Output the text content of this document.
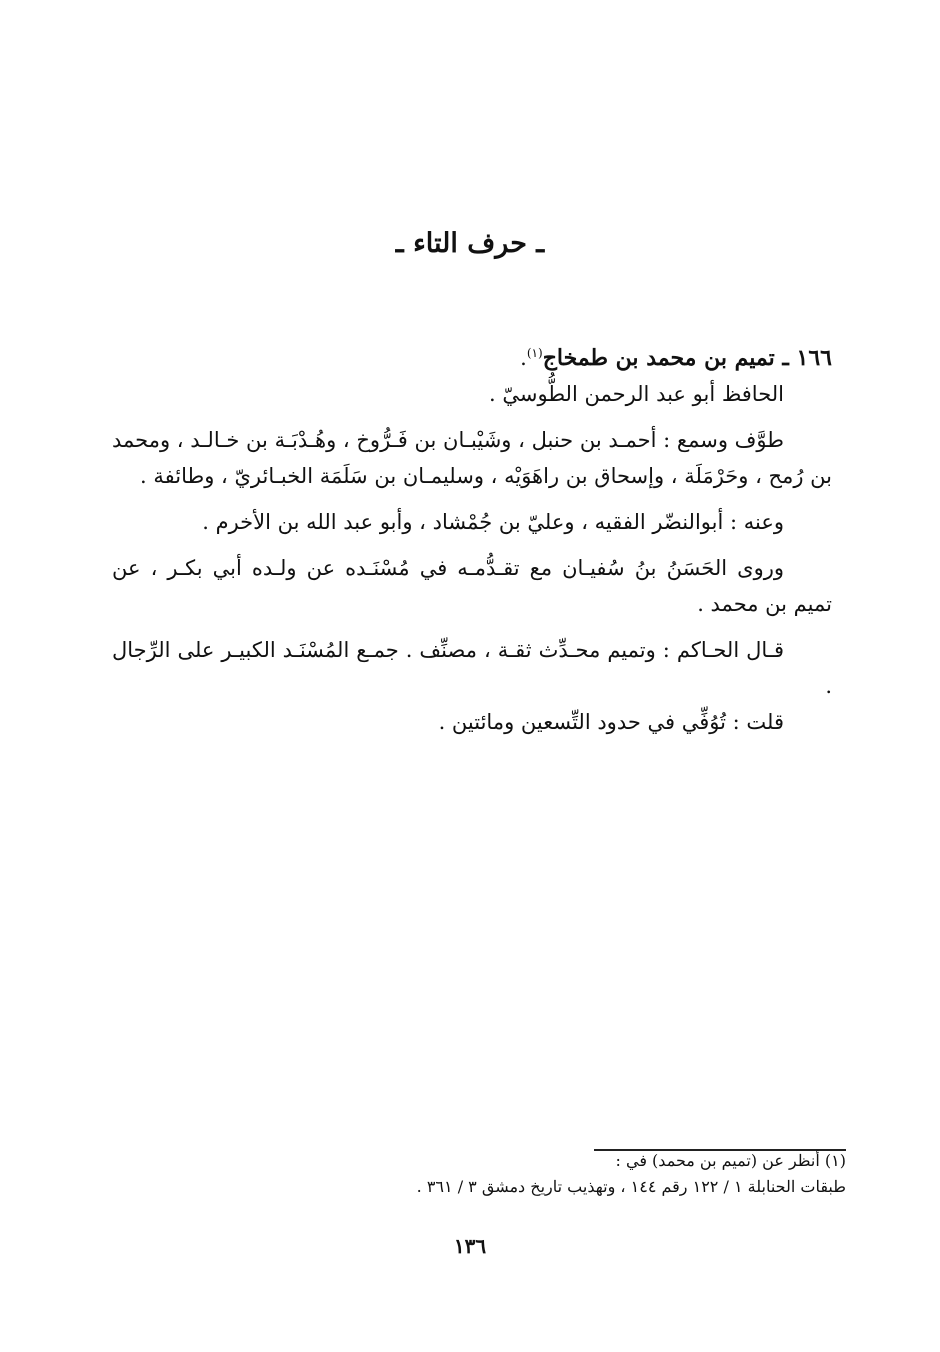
ـ حرف التاء ـ

١٦٦ ـ تميم بن محمد بن طمخاج$^{(١)}$.

الحافظ أبو عبد الرحمن الطُّوسيّ .

طوَّف وسمع : أحمـد بن حنبل ، وشَيْبـان بن فَـرُّوخ ، وهُـدْبَـة بن خـالـد ، ومحمد بن رُمح ، وحَرْمَلَة ، وإسحاق بن راهَوَيْه ، وسليمـان بن سَلَمَة الخبـائريّ ، وطائفة .

وعنه : أبوالنضّر الفقيه ، وعليّ بن جُمْشاد ، وأبو عبد الله بن الأخرم .

وروى الحَسَنُ بنُ سُفيـان مع تقـدُّمـه في مُسْنَـده عن ولـده أبي بكـر ، عن تميم بن محمد .

قـال الحـاكم : وتميم محـدِّث ثقـة ، مصنِّف . جمـع المُسْنَـد الكبيـر على الرِّجال .

قلت : تُوُفِّي في حدود التِّسعين ومائتين .

(١) أنظر عن (تميم بن محمد) في :

طبقات الحنابلة ١ / ١٢٢ رقم ١٤٤ ، وتهذيب تاريخ دمشق ٣ / ٣٦١ .

١٣٦
